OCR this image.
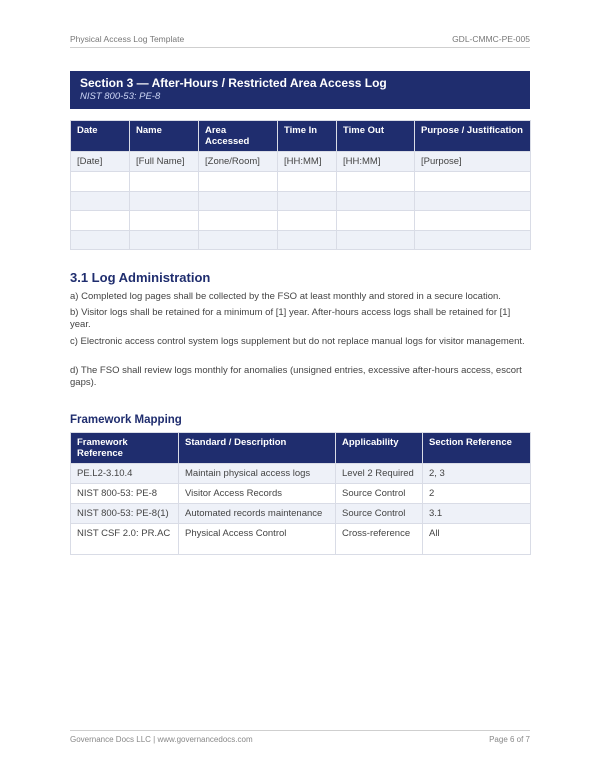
Physical Access Log Template	GDL-CMMC-PE-005
Section 3 — After-Hours / Restricted Area Access Log
NIST 800-53: PE-8
Date	Name	Area Accessed	Time In	Time Out	Purpose / Justification
[Date]	[Full Name]	[Zone/Room]	[HH:MM]	[HH:MM]	[Purpose]

3.1 Log Administration
a) Completed log pages shall be collected by the FSO at least monthly and stored in a secure location.
b) Visitor logs shall be retained for a minimum of [1] year. After-hours access logs shall be retained for [1] year.
c) Electronic access control system logs supplement but do not replace manual logs for visitor management.
d) The FSO shall review logs monthly for anomalies (unsigned entries, excessive after-hours access, escort gaps).
Framework Mapping
Framework Reference	Standard / Description	Applicability	Section Reference
PE.L2-3.10.4	Maintain physical access logs	Level 2 Required	2, 3
NIST 800-53: PE-8	Visitor Access Records	Source Control	2
NIST 800-53: PE-8(1)	Automated records maintenance	Source Control	3.1
NIST CSF 2.0: PR.AC	Physical Access Control	Cross-reference	All
Governance Docs LLC | www.governancedocs.com	Page 6 of 7
